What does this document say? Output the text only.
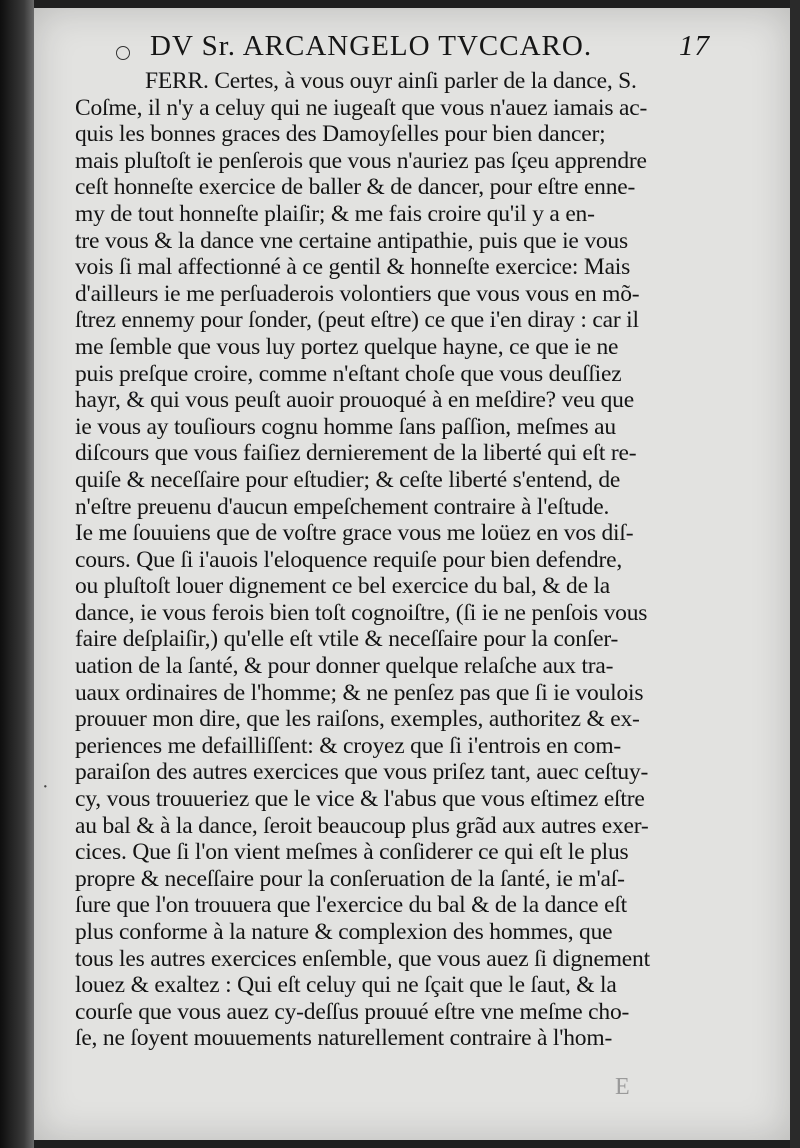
DV Sr. ARCANGELO TVCCARO.	17
·
FERR. Certes, à vous ouyr ainſi parler de la dance, S.
Coſme, il n'y a celuy qui ne iugeaſt que vous n'auez iamais ac-
quis les bonnes graces des Damoyſelles pour bien dancer;
mais pluſtoſt ie penſerois que vous n'auriez pas ſçeu apprendre
ceſt honneſte exercice de baller & de dancer, pour eſtre enne-
my de tout honneſte plaiſir; & me fais croire qu'il y a en-
tre vous & la dance vne certaine antipathie, puis que ie vous
vois ſi mal affectionné à ce gentil & honneſte exercice: Mais
d'ailleurs ie me perſuaderois volontiers que vous vous en mõ-
ſtrez ennemy pour ſonder, (peut eſtre) ce que i'en diray : car il
me ſemble que vous luy portez quelque hayne, ce que ie ne
puis preſque croire, comme n'eſtant choſe que vous deuſſiez
hayr, & qui vous peuſt auoir prouoqué à en meſdire? veu que
ie vous ay touſiours cognu homme ſans paſſion, meſmes au
diſcours que vous faiſiez dernierement de la liberté qui eſt re-
quiſe & neceſſaire pour eſtudier; & ceſte liberté s'entend, de
n'eſtre preuenu d'aucun empeſchement contraire à l'eſtude.
Ie me ſouuiens que de voſtre grace vous me loüez en vos diſ-
cours. Que ſi i'auois l'eloquence requiſe pour bien defendre,
ou pluſtoſt louer dignement ce bel exercice du bal, & de la
dance, ie vous ferois bien toſt cognoiſtre, (ſi ie ne penſois vous
faire deſplaiſir,) qu'elle eſt vtile & neceſſaire pour la conſer-
uation de la ſanté, & pour donner quelque relaſche aux tra-
uaux ordinaires de l'homme; & ne penſez pas que ſi ie voulois
prouuer mon dire, que les raiſons, exemples, authoritez & ex-
periences me defailliſſent: & croyez que ſi i'entrois en com-
paraiſon des autres exercices que vous priſez tant, auec ceſtuy-
cy, vous trouueriez que le vice & l'abus que vous eſtimez eſtre
au bal & à la dance, ſeroit beaucoup plus grãd aux autres exer-
cices. Que ſi l'on vient meſmes à conſiderer ce qui eſt le plus
propre & neceſſaire pour la conſeruation de la ſanté, ie m'aſ-
ſure que l'on trouuera que l'exercice du bal & de la dance eſt
plus conforme à la nature & complexion des hommes, que
tous les autres exercices enſemble, que vous auez ſi dignement
louez & exaltez : Qui eſt celuy qui ne ſçait que le ſaut, & la
courſe que vous auez cy-deſſus prouué eſtre vne meſme cho-
ſe, ne ſoyent mouuements naturellement contraire à l'hom-
E
